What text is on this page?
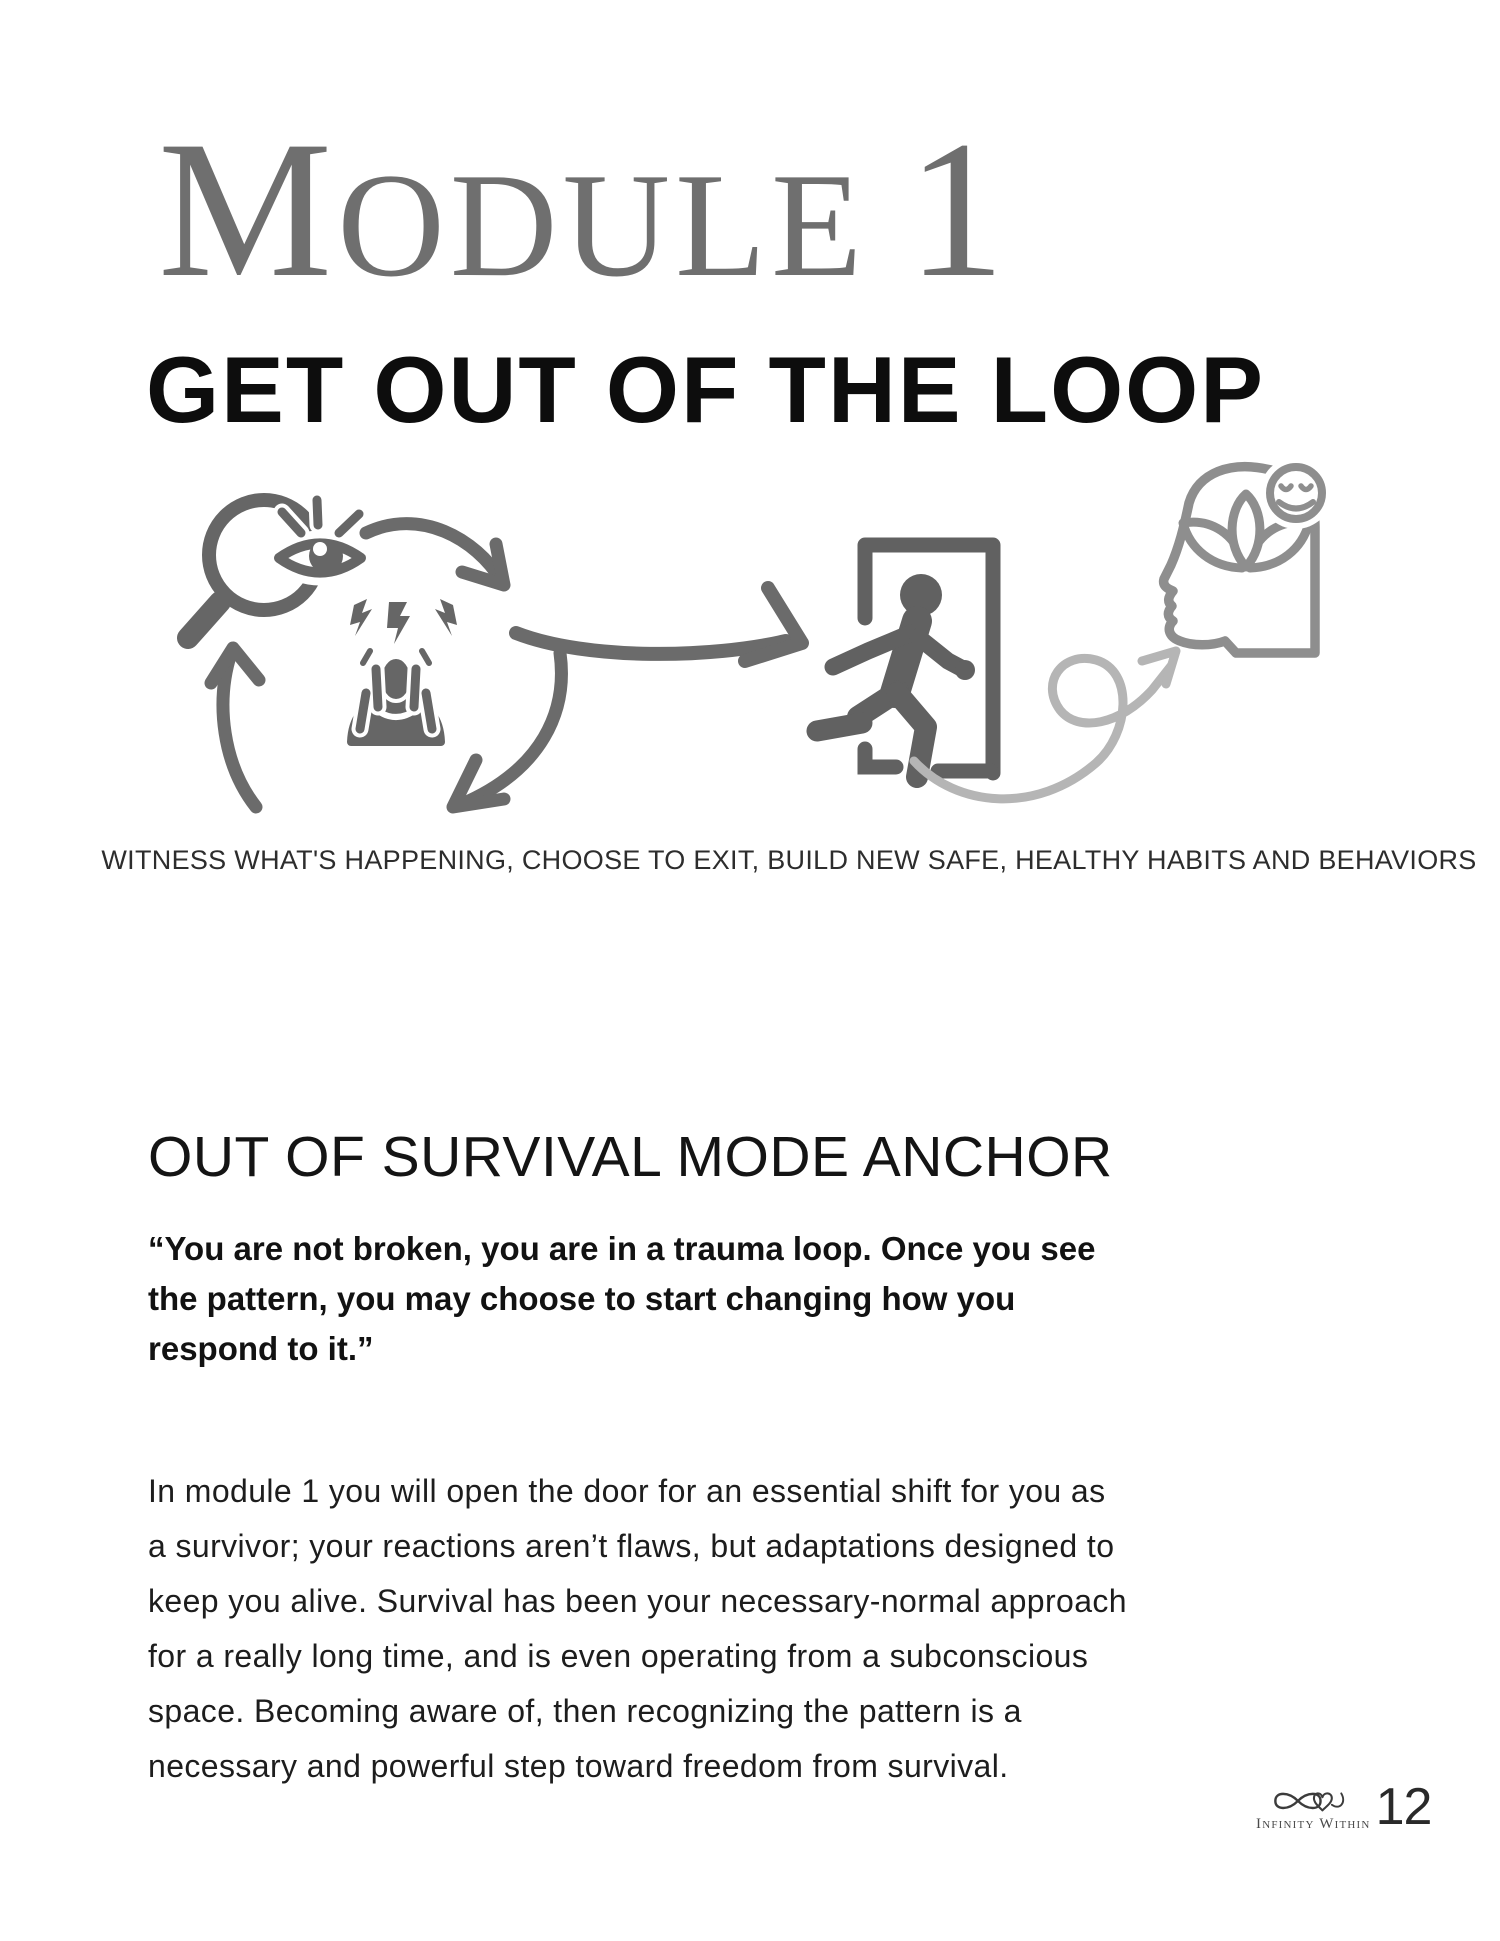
MODULE 1
GET OUT OF THE LOOP
WITNESS WHAT'S HAPPENING, CHOOSE TO EXIT, BUILD NEW SAFE, HEALTHY HABITS AND BEHAVIORS
OUT OF SURVIVAL MODE ANCHOR
“You are not broken, you are in a trauma loop. Once you see
the pattern, you may choose to start changing how you
respond to it.”
In module 1 you will open the door for an essential shift for you as
a survivor; your reactions aren’t flaws, but adaptations designed to
keep you alive. Survival has been your necessary-normal approach
for a really long time, and is even operating from a subconscious
space. Becoming aware of, then recognizing the pattern is a
necessary and powerful step toward freedom from survival.
Infinity Within 12
